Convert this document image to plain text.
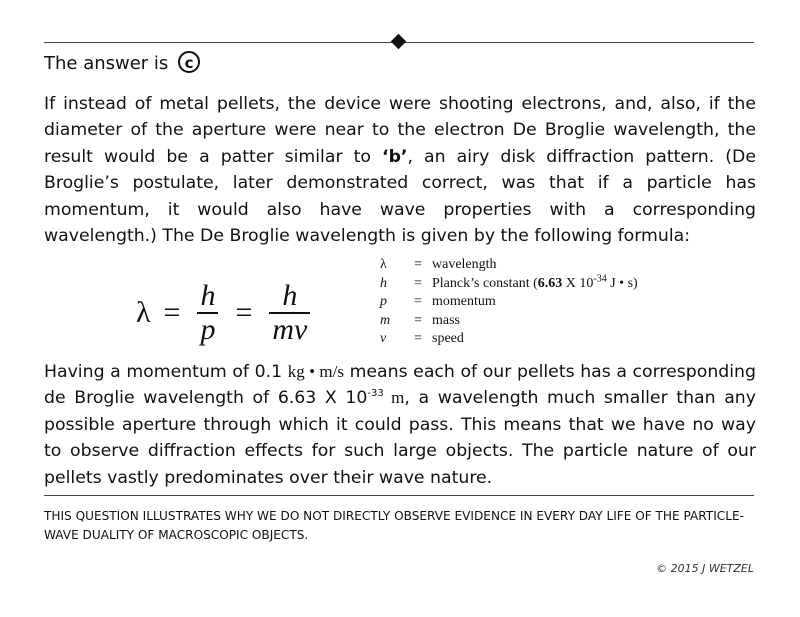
The answer is c
If instead of metal pellets, the device were shooting electrons, and, also, if the diameter of the aperture were near to the electron De Broglie wavelength, the result would be a patter similar to ‘b’, an airy disk diffraction pattern. (De Broglie’s postulate, later demonstrated correct, was that if a particle has momentum, it would also have wave properties with a corresponding wavelength.) The De Broglie wavelength is given by the following formula:
$\lambda = \frac{h}{p} = \frac{h}{mv}$
λ	= wavelength
h	= Planck’s constant (6.63 X $10^{-34}$ J • s)
p	= momentum
m	= mass
v	= speed
Having a momentum of 0.1 kg • m/s means each of our pellets has a corresponding de Broglie wavelength of 6.63 X $10^{-33}$ m, a wavelength much smaller than any possible aperture through which it could pass. This means that we have no way to observe diffraction effects for such large objects. The particle nature of our pellets vastly predominates over their wave nature.
THIS QUESTION ILLUSTRATES WHY WE DO NOT DIRECTLY OBSERVE EVIDENCE IN EVERY DAY LIFE OF THE PARTICLE-WAVE DUALITY OF MACROSCOPIC OBJECTS.
© 2015 J WETZEL
